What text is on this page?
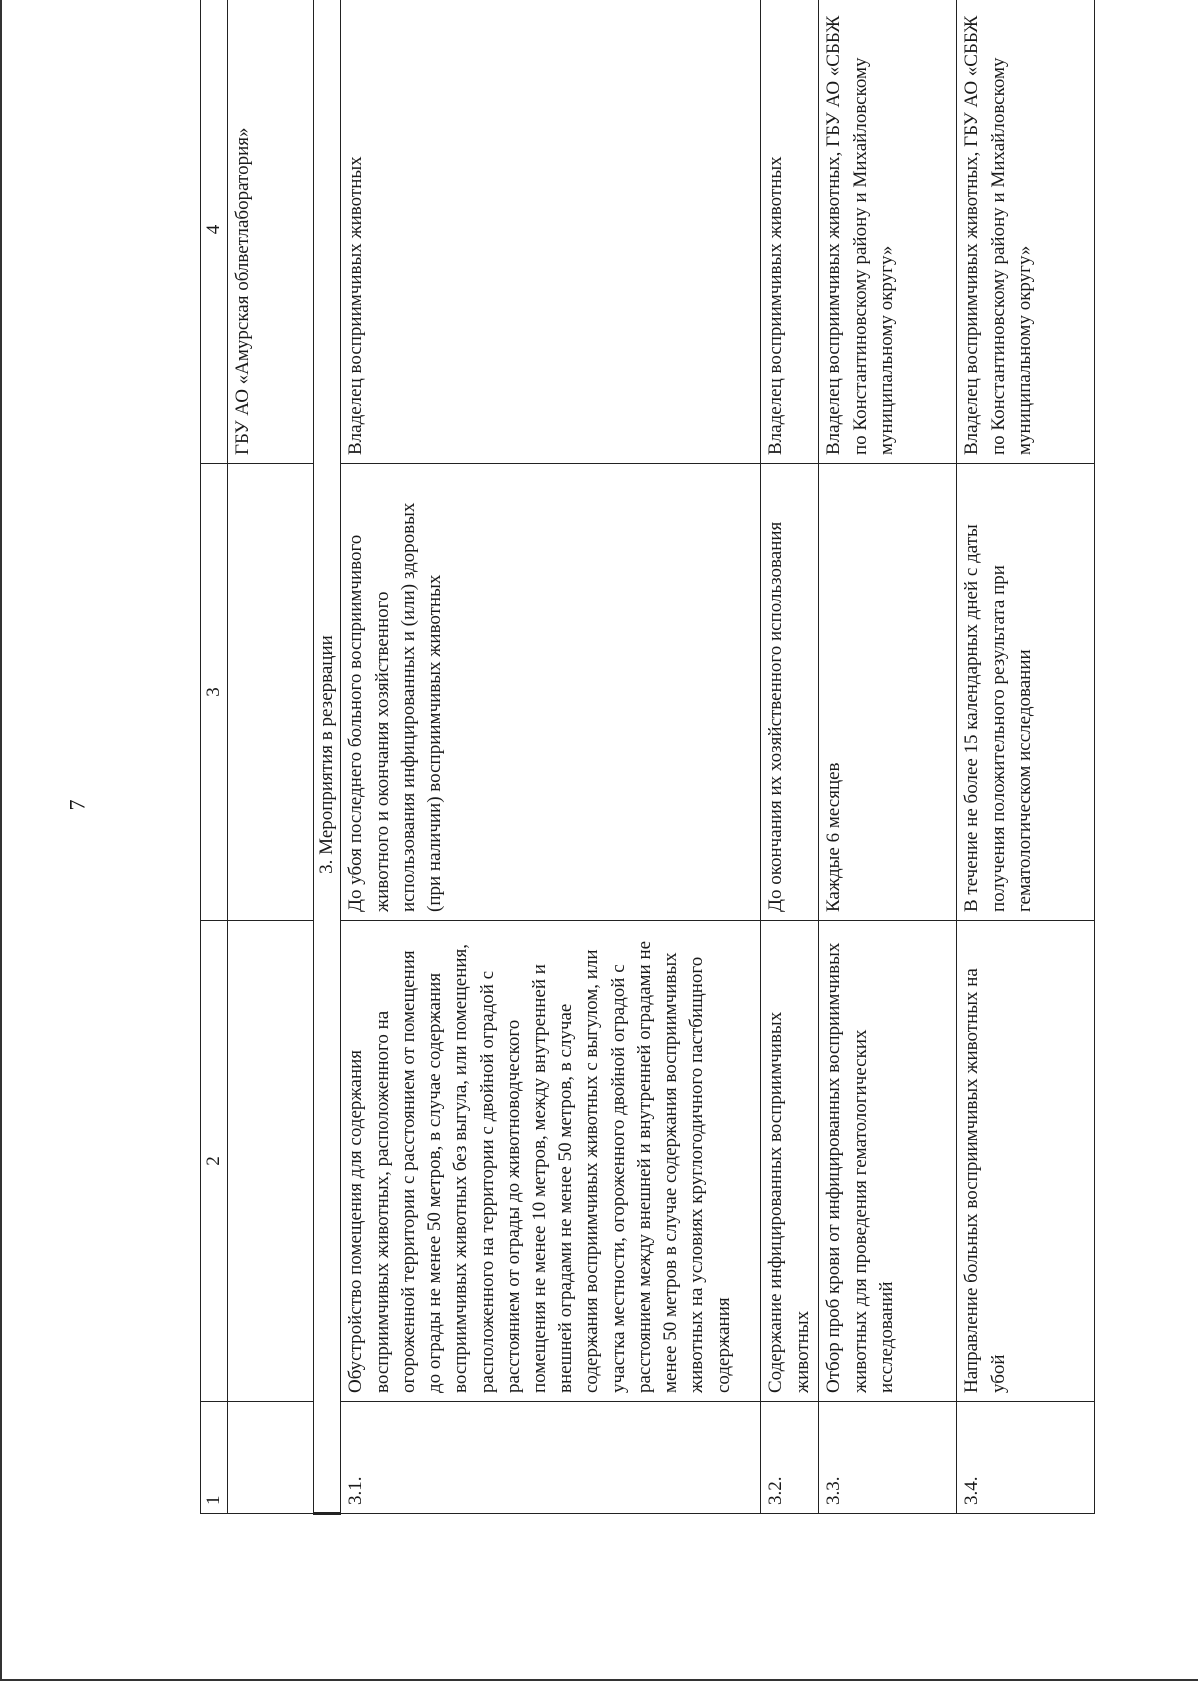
7
1	2	3	4
			ГБУ АО «Амурская облветлаборатория»
3. Мероприятия в резервации			
3.1.	Обустройство помещения для содержания восприимчивых животных, расположенного на огороженной территории с расстоянием от помещения до ограды не менее 50 метров, в случае содержания восприимчивых животных без выгула, или помещения, расположенного на территории с двойной оградой с расстоянием от ограды до животноводческого помещения не менее 10 метров, между внутренней и внешней оградами не менее 50 метров, в случае содержания восприимчивых животных с выгулом, или участка местности, огороженного двойной оградой с расстоянием между внешней и внутренней оградами не менее 50 метров в случае содержания восприимчивых животных на условиях круглогодичного пастбищного содержания	До убоя последнего больного восприимчивого животного и окончания хозяйственного использования инфицированных и (или) здоровых (при наличии) восприимчивых животных	Владелец восприимчивых животных
3.2.	Содержание инфицированных восприимчивых животных	До окончания их хозяйственного использования	Владелец восприимчивых животных
3.3.	Отбор проб крови от инфицированных восприимчивых животных для проведения гематологических исследований	Каждые 6 месяцев	Владелец восприимчивых животных, ГБУ АО «СББЖ по Константиновскому району и Михайловскому муниципальному округу»
3.4.	Направление больных восприимчивых животных на убой	В течение не более 15 календарных дней с даты получения положительного результата при гематологическом исследовании	Владелец восприимчивых животных, ГБУ АО «СББЖ по Константиновскому району и Михайловскому муниципальному округу»
